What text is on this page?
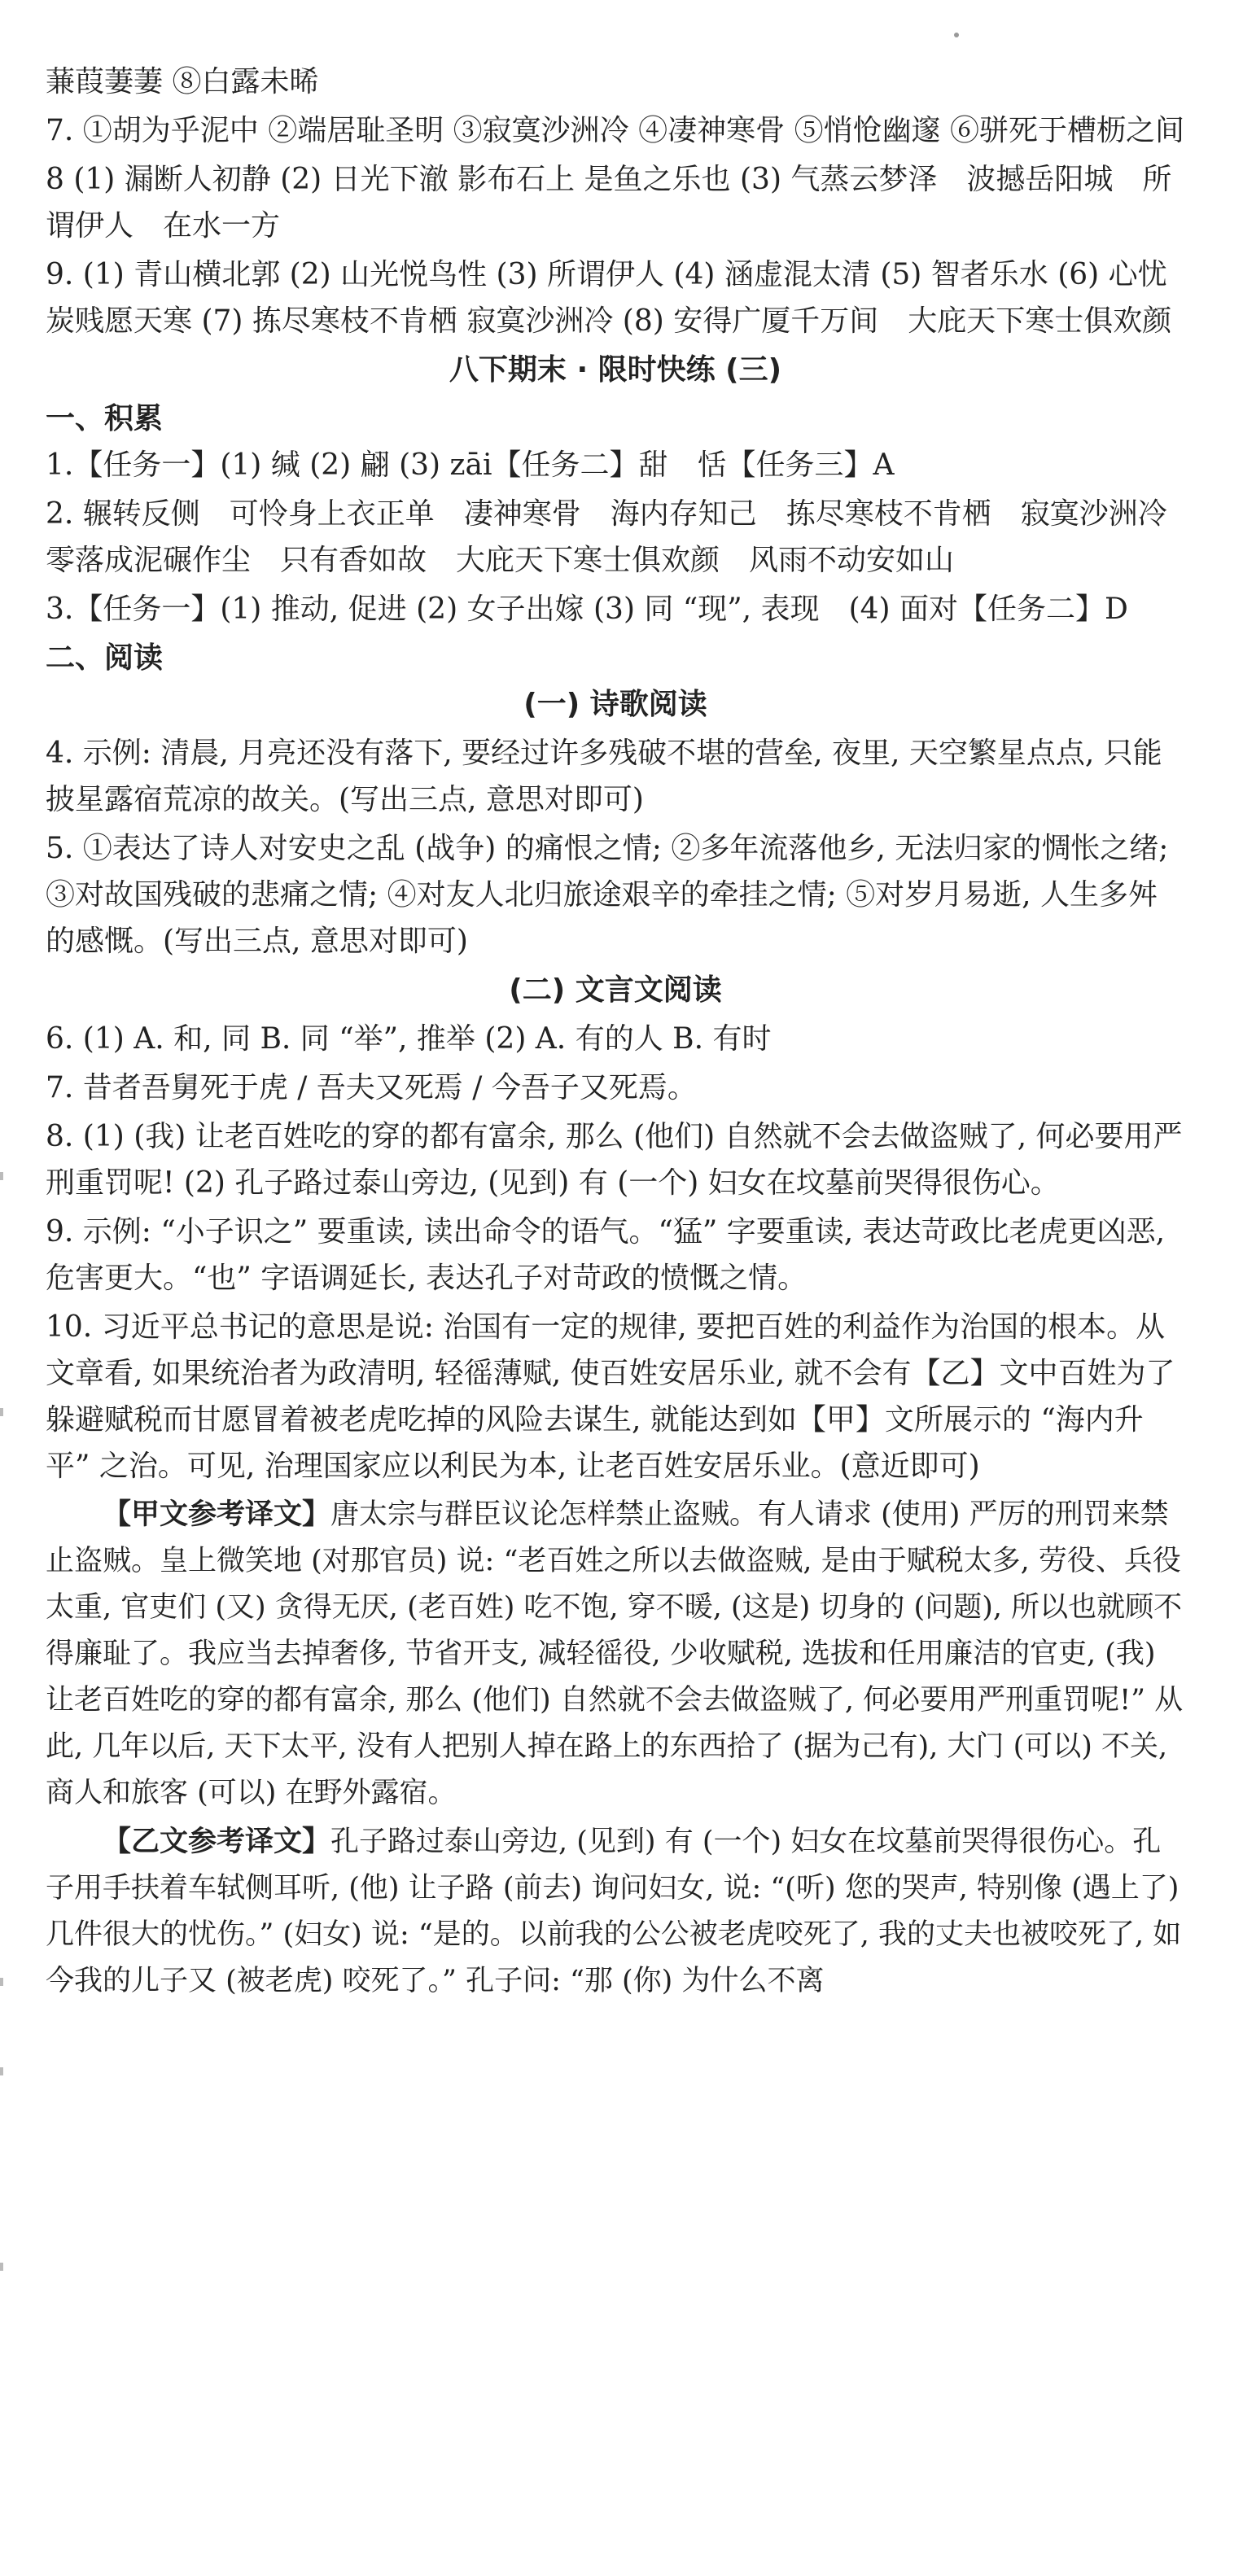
蒹葭萋萋 ⑧白露未晞

7. ①胡为乎泥中 ②端居耻圣明 ③寂寞沙洲冷 ④凄神寒骨 ⑤悄怆幽邃 ⑥骈死于槽枥之间

8 (1) 漏断人初静 (2) 日光下澈 影布石上 是鱼之乐也 (3) 气蒸云梦泽　波撼岳阳城　所谓伊人　在水一方

9. (1) 青山横北郭 (2) 山光悦鸟性 (3) 所谓伊人 (4) 涵虚混太清 (5) 智者乐水 (6) 心忧炭贱愿天寒 (7) 拣尽寒枝不肯栖 寂寞沙洲冷 (8) 安得广厦千万间　大庇天下寒士俱欢颜

八下期末 · 限时快练 (三)

一、积累

1.【任务一】(1) 缄 (2) 翩 (3) zāi【任务二】甜　恬【任务三】A

2. 辗转反侧　可怜身上衣正单　凄神寒骨　海内存知己　拣尽寒枝不肯栖　寂寞沙洲冷　零落成泥碾作尘　只有香如故　大庇天下寒士俱欢颜　风雨不动安如山

3.【任务一】(1) 推动, 促进 (2) 女子出嫁 (3) 同 “现”, 表现　(4) 面对【任务二】D

二、阅读

(一) 诗歌阅读

4. 示例: 清晨, 月亮还没有落下, 要经过许多残破不堪的营垒, 夜里, 天空繁星点点, 只能披星露宿荒凉的故关。(写出三点, 意思对即可)

5. ①表达了诗人对安史之乱 (战争) 的痛恨之情; ②多年流落他乡, 无法归家的惆怅之绪; ③对故国残破的悲痛之情; ④对友人北归旅途艰辛的牵挂之情; ⑤对岁月易逝, 人生多舛的感慨。(写出三点, 意思对即可)

(二) 文言文阅读

6. (1) A. 和, 同 B. 同 “举”, 推举 (2) A. 有的人 B. 有时

7. 昔者吾舅死于虎 / 吾夫又死焉 / 今吾子又死焉。

8. (1) (我) 让老百姓吃的穿的都有富余, 那么 (他们) 自然就不会去做盗贼了, 何必要用严刑重罚呢! (2) 孔子路过泰山旁边, (见到) 有 (一个) 妇女在坟墓前哭得很伤心。

9. 示例: “小子识之” 要重读, 读出命令的语气。“猛” 字要重读, 表达苛政比老虎更凶恶, 危害更大。“也” 字语调延长, 表达孔子对苛政的愤慨之情。

10. 习近平总书记的意思是说: 治国有一定的规律, 要把百姓的利益作为治国的根本。从文章看, 如果统治者为政清明, 轻徭薄赋, 使百姓安居乐业, 就不会有【乙】文中百姓为了躲避赋税而甘愿冒着被老虎吃掉的风险去谋生, 就能达到如【甲】文所展示的 “海内升平” 之治。可见, 治理国家应以利民为本, 让老百姓安居乐业。(意近即可)

【甲文参考译文】唐太宗与群臣议论怎样禁止盗贼。有人请求 (使用) 严厉的刑罚来禁止盗贼。皇上微笑地 (对那官员) 说: “老百姓之所以去做盗贼, 是由于赋税太多, 劳役、兵役太重, 官吏们 (又) 贪得无厌, (老百姓) 吃不饱, 穿不暖, (这是) 切身的 (问题), 所以也就顾不得廉耻了。我应当去掉奢侈, 节省开支, 减轻徭役, 少收赋税, 选拔和任用廉洁的官吏, (我) 让老百姓吃的穿的都有富余, 那么 (他们) 自然就不会去做盗贼了, 何必要用严刑重罚呢!” 从此, 几年以后, 天下太平, 没有人把别人掉在路上的东西拾了 (据为己有), 大门 (可以) 不关, 商人和旅客 (可以) 在野外露宿。

【乙文参考译文】孔子路过泰山旁边, (见到) 有 (一个) 妇女在坟墓前哭得很伤心。孔子用手扶着车轼侧耳听, (他) 让子路 (前去) 询问妇女, 说: “(听) 您的哭声, 特别像 (遇上了) 几件很大的忧伤。” (妇女) 说: “是的。以前我的公公被老虎咬死了, 我的丈夫也被咬死了, 如今我的儿子又 (被老虎) 咬死了。” 孔子问: “那 (你) 为什么不离
